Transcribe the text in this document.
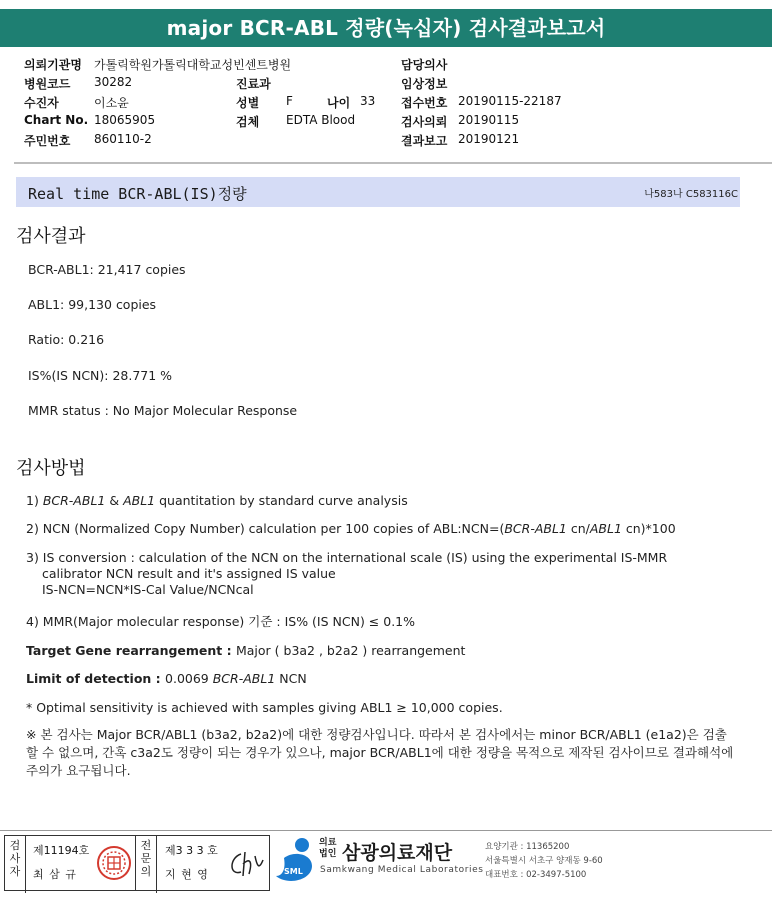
major BCR-ABL 정량(녹십자) 검사결과보고서
의뢰기관명 가톨릭학원가톨릭대학교성빈센트병원	담당의사
병원코드 30282	진료과	임상정보
수진자	이소윤	성별 F	나이 33 접수번호 20190115-22187
Chart No. 18065905	검체 EDTA Blood	검사의뢰 20190115
주민번호 860110-2	결과보고 20190121
Real time BCR-ABL(IS)정량	나583나 C583116C
검사결과
BCR-ABL1: 21,417 copies
ABL1: 99,130 copies
Ratio: 0.216
IS%(IS NCN): 28.771 %
MMR status : No Major Molecular Response
검사방법
1) BCR-ABL1 & ABL1 quantitation by standard curve analysis
2) NCN (Normalized Copy Number) calculation per 100 copies of ABL:NCN=(BCR-ABL1 cn/ABL1 cn)*100
3) IS conversion : calculation of the NCN on the international scale (IS) using the experimental IS-MMR
calibrator NCN result and it's assigned IS value
IS-NCN=NCN*IS-Cal Value/NCNcal
4) MMR(Major molecular response) 기준 : IS% (IS NCN) ≤ 0.1%
Target Gene rearrangement : Major ( b3a2 , b2a2 ) rearrangement
Limit of detection : 0.0069 BCR-ABL1 NCN
* Optimal sensitivity is achieved with samples giving ABL1 ≥ 10,000 copies.
※ 본 검사는 Major BCR/ABL1 (b3a2, b2a2)에 대한 정량검사입니다. 따라서 본 검사에서는 minor BCR/ABL1 (e1a2)은 검출할 수 없으며, 간혹 c3a2도 정량이 되는 경우가 있으나, major BCR/ABL1에 대한 정량을 목적으로 제작된 검사이므로 결과해석에 주의가 요구됩니다.
검
사
자
제11194호
최 삼 규
전
문
의
제3 3 3 호
지 현 영	SML
의료
법인 삼광의료재단
Samkwang Medical Laboratories
요양기관 : 11365200
서울특별시 서초구 양재동 9-60
대표번호 : 02-3497-5100
